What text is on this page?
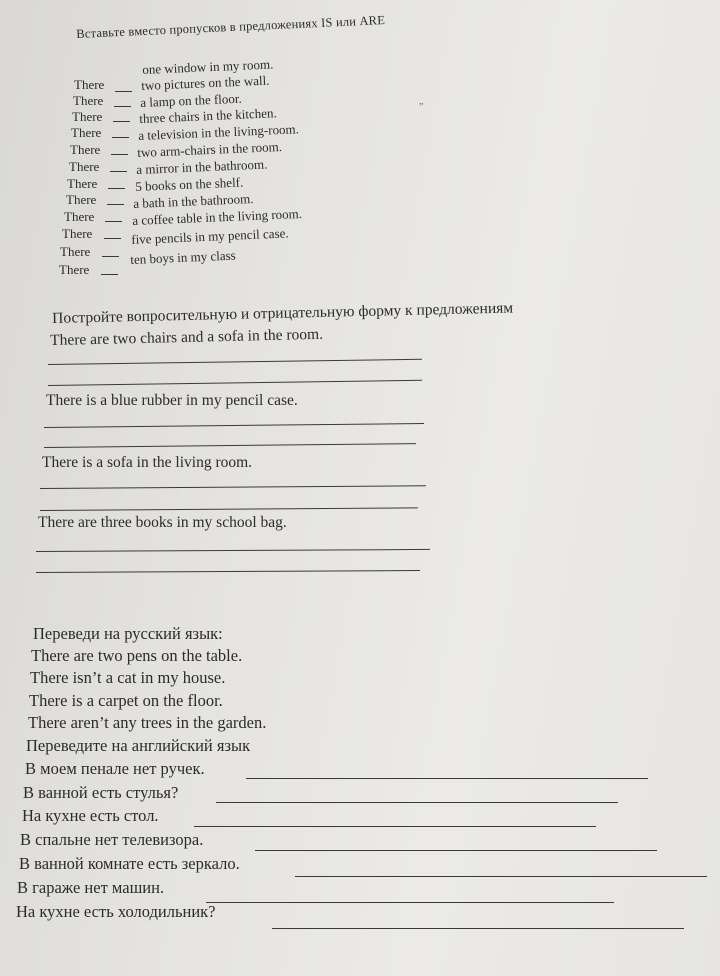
Вставьте вместо пропусков в предложениях IS или ARE
There
one window in my room.
There
two pictures on the wall.
There
a lamp on the floor.
There
three chairs in the kitchen.
There
a television in the living-room.
There
two arm-chairs in the room.
There
a mirror in the bathroom.
There
5 books on the shelf.
There
a bath in the bathroom.
There
a coffee table in the living room.
There
five pencils in my pencil case.
There
ten boys in my class
,,
Постройте вопросительную и отрицательную форму к предложениям
There are two chairs and a sofa in the room.
There is a blue rubber in my pencil case.
There is a sofa in the living room.
There are three books in my school bag.
Переведи на русский язык:
There are two pens on the table.
There isn’t a cat in my house.
There is a carpet on the floor.
There aren’t any trees in the garden.
Переведите на английский язык
В моем пенале нет ручек.
В ванной есть стулья?
На кухне есть стол.
В спальне нет телевизора.
В ванной комнате есть зеркало.
В гараже нет машин.
На кухне есть холодильник?
